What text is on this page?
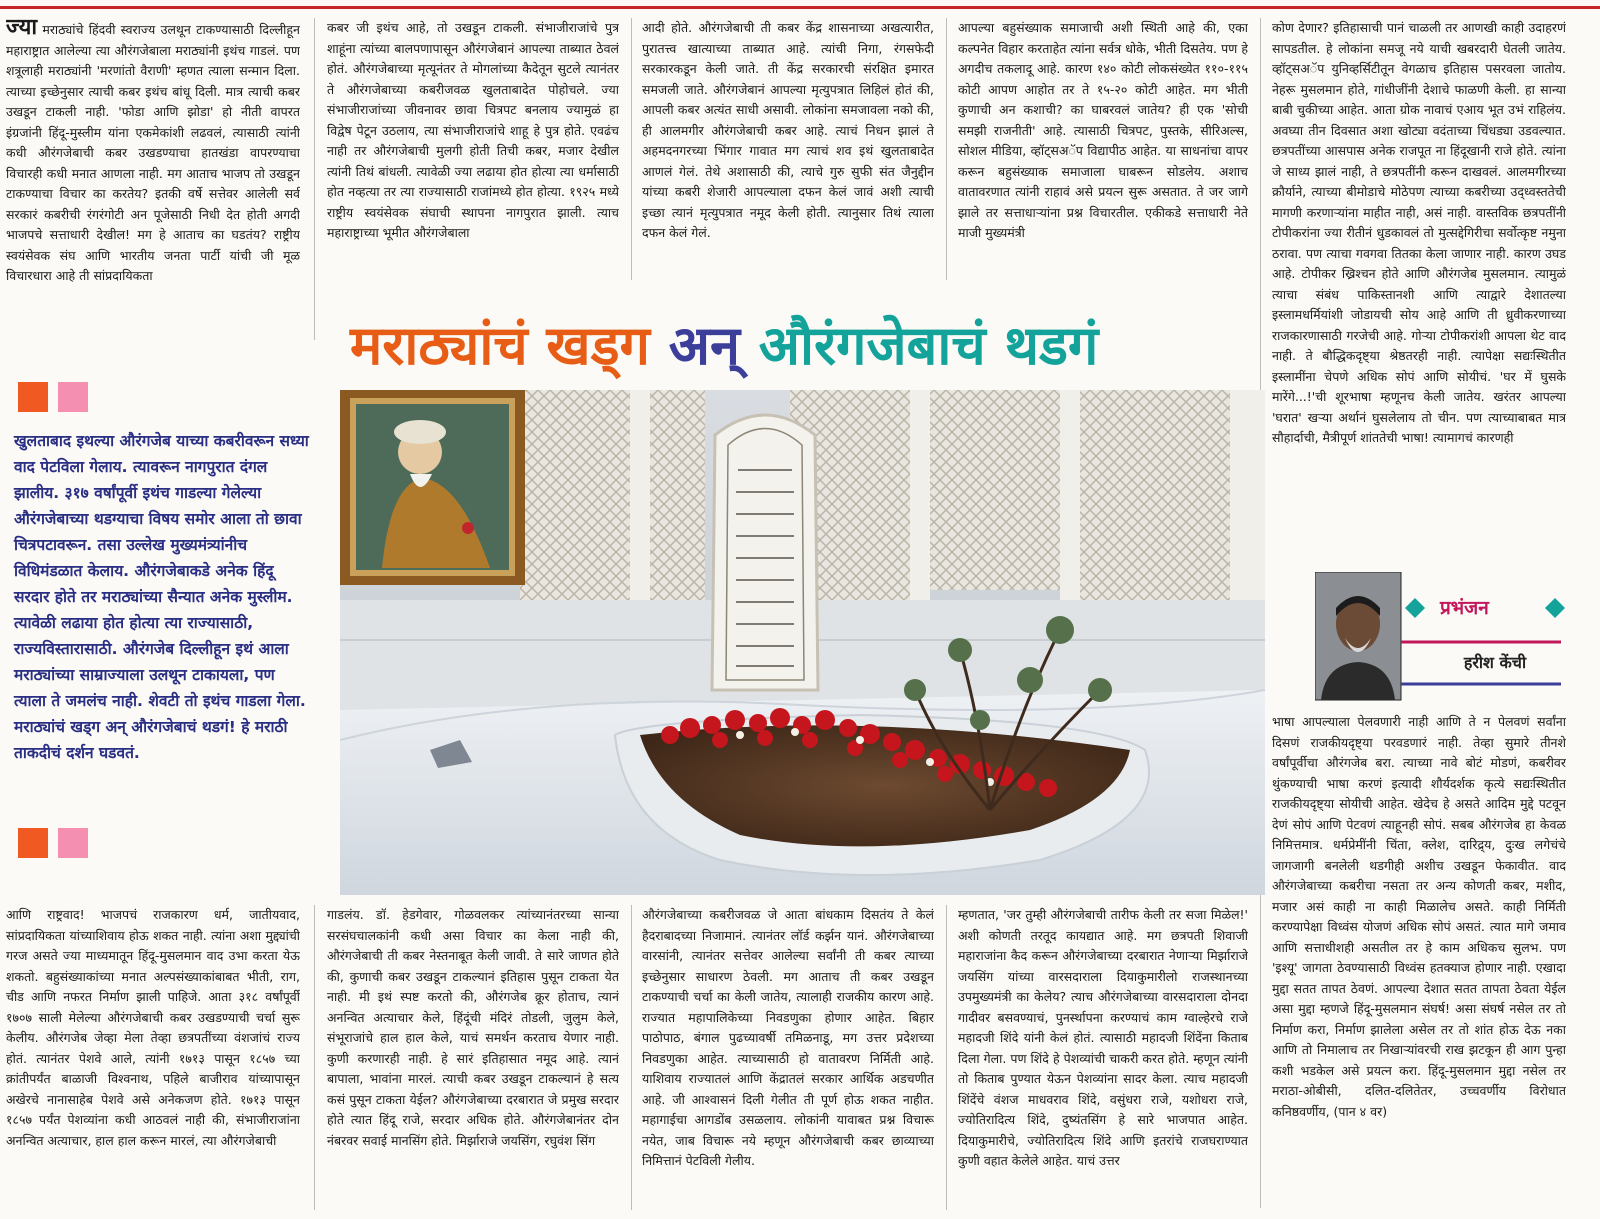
ज्या मराठ्यांचे हिंदवी स्वराज्य उलथून टाकण्यासाठी दिल्लीहून महाराष्ट्रात आलेल्या त्या औरंगजेबाला मराठ्यांनी इथंच गाडलं. पण शत्रूलाही मराठ्यांनी 'मरणांतो वैराणी' म्हणत त्याला सन्मान दिला. त्याच्या इच्छेनुसार त्याची कबर इथंच बांधू दिली. मात्र त्याची कबर उखडून टाकली नाही. 'फोडा आणि झोडा' हो नीती वापरत इंग्रजांनी हिंदू-मुस्लीम यांना एकमेकांशी लढवलं, त्यासाठी त्यांनी कधी औरंगजेबाची कबर उखडण्याचा हातखंडा वापरण्याचा विचारही कधी मनात आणला नाही. मग आताच भाजप तो उखडून टाकण्याचा विचार का करतेय? इतकी वर्षे सत्तेवर आलेली सर्व सरकारं कबरीची रंगरंगोटी अन पूजेसाठी निधी देत होती अगदी भाजपचे सत्ताधारी देखील! मग हे आताच का घडतंय? राष्ट्रीय स्वयंसेवक संघ आणि भारतीय जनता पार्टी यांची जी मूळ विचारधारा आहे ती सांप्रदायिकता

कबर जी इथंच आहे, तो उखडून टाकली. संभाजीराजांचे पुत्र शाहूंना त्यांच्या बालपणापासून औरंगजेबानं आपल्या ताब्यात ठेवलं होतं. औरंगजेबाच्या मृत्यूनंतर ते मोगलांच्या कैदेतून सुटले त्यानंतर ते औरंगजेबाच्या कबरीजवळ खुलताबादेत पोहोचले. ज्या संभाजीराजांच्या जीवनावर छावा चित्रपट बनलाय ज्यामुळं हा विद्वेष पेटून उठलाय, त्या संभाजीराजांचे शाहू हे पुत्र होते. एवढंच नाही तर औरंगजेबाची मुलगी होती तिची कबर, मजार देखील त्यांनी तिथं बांधली. त्यावेळी ज्या लढाया होत होत्या त्या धर्मासाठी होत नव्हत्या तर त्या राज्यासाठी राजांमध्ये होत होत्या. १९२५ मध्ये राष्ट्रीय स्वयंसेवक संघाची स्थापना नागपुरात झाली. त्याच महाराष्ट्राच्या भूमीत औरंगजेबाला

आदी होते. औरंगजेबाची ती कबर केंद्र शासनाच्या अखत्यारीत, पुरातत्त्व खात्याच्या ताब्यात आहे. त्यांची निगा, रंगसफेदी सरकारकडून केली जाते. ती केंद्र सरकारची संरक्षित इमारत समजली जाते. औरंगजेबानं आपल्या मृत्युपत्रात लिहिलं होतं की, आपली कबर अत्यंत साधी असावी. लोकांना समजावला नको की, ही आलमगीर औरंगजेबाची कबर आहे. त्याचं निधन झालं ते अहमदनगरच्या भिंगार गावात मग त्याचं शव इथं खुलताबादेत आणलं गेलं. तेथे अशासाठी की, त्याचे गुरु सुफी संत जैनुद्दीन यांच्या कबरी शेजारी आपल्याला दफन केलं जावं अशी त्याची इच्छा त्यानं मृत्युपत्रात नमूद केली होती. त्यानुसार तिथं त्याला दफन केलं गेलं.

आपल्या बहुसंख्याक समाजाची अशी स्थिती आहे की, एका कल्पनेत विहार करताहेत त्यांना सर्वत्र धोके, भीती दिसतेय. पण हे अगदीच तकलादू आहे. कारण १४० कोटी लोकसंख्येत ११०-११५ कोटी आपण आहोत तर ते १५-२० कोटी आहेत. मग भीती कुणाची अन कशाची? का घाबरवलं जातेय? ही एक 'सोची समझी राजनीती' आहे. त्यासाठी चित्रपट, पुस्तके, सीरिअल्स, सोशल मीडिया, व्हॉट्सअॅप विद्यापीठ आहेत. या साधनांचा वापर करून बहुसंख्याक समाजाला घाबरून सोडलेय. अशाच वातावरणात त्यांनी राहावं असे प्रयत्न सुरू असतात. ते जर जागे झाले तर सत्ताधाऱ्यांना प्रश्न विचारतील. एकीकडे सत्ताधारी नेते माजी मुख्यमंत्री

कोण देणार? इतिहासाची पानं चाळली तर आणखी काही उदाहरणं सापडतील. हे लोकांना समजू नये याची खबरदारी घेतली जातेय. व्हॉट्सअॅप युनिव्हर्सिटीतून वेगळाच इतिहास पसरवला जातोय. नेहरू मुसलमान होते, गांधीजींनी देशाचे फाळणी केली. हा सान्या बाबी चुकीच्या आहेत. आता ग्रोक नावाचं एआय भूत उभं राहिलंय. अवघ्या तीन दिवसात अशा खोट्या वदंताच्या चिंधड्या उडवल्यात. छत्रपतींच्या आसपास अनेक राजपूत ना हिंदूखानी राजे होते. त्यांना जे साध्य झालं नाही, ते छत्रपतींनी करून दाखवलं. आलमगीरच्या क्रौर्याने, त्याच्या बीमोडाचे मोठेपण त्याच्या कबरीच्या उद्ध्वस्ततेची मागणी करणाऱ्यांना माहीत नाही, असं नाही. वास्तविक छत्रपतींनी टोपीकरांना ज्या रीतीनं धुडकावलं तो मुत्सद्देगिरीचा सर्वोत्कृष्ट नमुना ठरावा. पण त्याचा गवगवा तितका केला जाणार नाही. कारण उघड आहे. टोपीकर ख्रिश्चन होते आणि औरंगजेब मुसलमान. त्यामुळं त्याचा संबंध पाकिस्तानशी आणि त्याद्वारे देशातल्या इस्लामधर्मियांशी जोडायची सोय आहे आणि ती ध्रुवीकरणाच्या राजकारणासाठी गरजेची आहे. गोऱ्या टोपीकरांशी आपला थेट वाद नाही. ते बौद्धिकदृष्ट्या श्रेष्ठतरही नाही. त्यापेक्षा सद्यःस्थितीत इस्लामींना चेपणे अधिक सोपं आणि सोयीचं. 'घर में घुसके मारेंगे...!'ची शूरभाषा म्हणूनच केली जातेय. खरंतर आपल्या 'घरात' खऱ्या अर्थानं घुसलेलाय तो चीन. पण त्याच्याबाबत मात्र सौहार्दाची, मैत्रीपूर्ण शांततेची भाषा! त्यामागचं कारणही

मराठ्यांचं खड्ग अन् औरंगजेबाचं थडगं
खुलताबाद इथल्या औरंगजेब याच्या कबरीवरून सध्या वाद पेटविला गेलाय. त्यावरून नागपुरात दंगल झालीय. ३१७ वर्षांपूर्वी इथंच गाडल्या गेलेल्या औरंगजेबाच्या थडग्याचा विषय समोर आला तो छावा चित्रपटावरून. तसा उल्लेख मुख्यमंत्र्यांनीच विधिमंडळात केलाय. औरंगजेबाकडे अनेक हिंदू सरदार होते तर मराठ्यांच्या सैन्यात अनेक मुस्लीम. त्यावेळी लढाया होत होत्या त्या राज्यासाठी, राज्यविस्तारासाठी. औरंगजेब दिल्लीहून इथं आला मराठ्यांच्या साम्राज्याला उलथून टाकायला, पण त्याला ते जमलंच नाही. शेवटी तो इथंच गाडला गेला. मराठ्यांचं खड्ग अन् औरंगजेबाचं थडगं! हे मराठी ताकदीचं दर्शन घडवतं.
प्रभंजन
हरीश केंची

भाषा आपल्याला पेलवणारी नाही आणि ते न पेलवणं सर्वांना दिसणं राजकीयदृष्ट्या परवडणारं नाही. तेव्हा सुमारे तीनशे वर्षांपूर्वीचा औरंगजेब बरा. त्याच्या नावे बोटं मोडणं, कबरीवर थुंकण्याची भाषा करणं इत्यादी शौर्यदर्शक कृत्ये सद्यःस्थितीत राजकीयदृष्ट्या सोयीची आहेत. खेदेच हे असते आदिम मुद्दे पटवून देणं सोपं आणि पेटवणं त्याहूनही सोपं. सबब औरंगजेब हा केवळ निमित्तमात्र. धर्मप्रेमींनी चिंता, क्लेश, दारिद्र्य, दुःख लगेचंचे जागजागी बनलेली थडगीही अशीच उखडून फेकावीत. वाद औरंगजेबाच्या कबरीचा नसता तर अन्य कोणती कबर, मशीद, मजार असं काही ना काही मिळालेच असते. काही निर्मिती करण्यापेक्षा विध्वंस योजणं अधिक सोपं असतं. त्यात मागे जमाव आणि सत्ताधीशही असतील तर हे काम अधिकच सुलभ. पण 'इश्यू' जागता ठेवण्यासाठी विध्वंस हतक्याज होणार नाही. एखादा मुद्दा सतत तापत ठेवणं. आपल्या देशात सतत तापता ठेवता येईल असा मुद्दा म्हणजे हिंदू-मुसलमान संघर्ष! असा संघर्ष नसेल तर तो निर्माण करा, निर्माण झालेला असेल तर तो शांत होऊ देऊ नका आणि तो निमालाच तर निखाऱ्यांवरची राख झटकून ही आग पुन्हा कशी भडकेल असे प्रयत्न करा. हिंदू-मुसलमान मुद्दा नसेल तर मराठा-ओबीसी, दलित-दलितेतर, उच्चवर्णीय विरोधात कनिष्ठवर्णीय, (पान ४ वर)

आणि राष्ट्रवाद! भाजपचं राजकारण धर्म, जातीयवाद, सांप्रदायिकता यांच्याशिवाय होऊ शकत नाही. त्यांना अशा मुद्द्यांची गरज असते ज्या माध्यमातून हिंदू-मुसलमान वाद उभा करता येऊ शकतो. बहुसंख्याकांच्या मनात अल्पसंख्याकांबाबत भीती, राग, चीड आणि नफरत निर्माण झाली पाहिजे. आता ३१८ वर्षांपूर्वी १७०७ साली मेलेल्या औरंगजेबाची कबर उखडण्याची चर्चा सुरू केलीय. औरंगजेब जेव्हा मेला तेव्हा छत्रपतींच्या वंशजांचं राज्य होतं. त्यानंतर पेशवे आले, त्यांनी १७१३ पासून १८५७ च्या क्रांतीपर्यंत बाळाजी विश्वनाथ, पहिले बाजीराव यांच्यापासून अखेरचे नानासाहेब पेशवे असे अनेकजण होते. १७१३ पासून १८५७ पर्यंत पेशव्यांना कधी आठवलं नाही की, संभाजीराजांना अनन्वित अत्याचार, हाल हाल करून मारलं, त्या औरंगजेबाची

गाडलंय. डॉ. हेडगेवार, गोळवलकर त्यांच्यानंतरच्या सान्या सरसंघचालकांनी कधी असा विचार का केला नाही की, औरंगजेबाची ती कबर नेस्तनाबूत केली जावी. ते सारे जाणत होते की, कुणाची कबर उखडून टाकल्यानं इतिहास पुसून टाकता येत नाही. मी इथं स्पष्ट करतो की, औरंगजेब क्रूर होताच, त्यानं अनन्वित अत्याचार केले, हिंदूंची मंदिरं तोडली, जुलुम केले, संभूराजांचे हाल हाल केले, याचं समर्थन करताच येणार नाही. कुणी करणारही नाही. हे सारं इतिहासात नमूद आहे. त्यानं बापाला, भावांना मारलं. त्याची कबर उखडून टाकल्यानं हे सत्य कसं पुसून टाकता येईल? औरंगजेबाच्या दरबारात जे प्रमुख सरदार होते त्यात हिंदू राजे, सरदार अधिक होते. औरंगजेबानंतर दोन नंबरवर सवाई मानसिंग होते. मिर्झाराजे जयसिंग, रघुवंश सिंग

औरंगजेबाच्या कबरीजवळ जे आता बांधकाम दिसतंय ते केलं हैदराबादच्या निजामानं. त्यानंतर लॉर्ड कर्झन यानं. औरंगजेबाच्या वारसांनी, त्यानंतर सत्तेवर आलेल्या सर्वांनी ती कबर त्याच्या इच्छेनुसार साधारण ठेवली. मग आताच ती कबर उखडून टाकण्याची चर्चा का केली जातेय, त्यालाही राजकीय कारण आहे. राज्यात महापालिकेच्या निवडणुका होणार आहेत. बिहार पाठोपाठ, बंगाल पुढच्यावर्षी तमिळनाडू, मग उत्तर प्रदेशच्या निवडणुका आहेत. त्याच्यासाठी हो वातावरण निर्मिती आहे. याशिवाय राज्यातलं आणि केंद्रातलं सरकार आर्थिक अडचणीत आहे. जी आश्वासनं दिली गेलीत ती पूर्ण होऊ शकत नाहीत. महागाईचा आगडोंब उसळलाय. लोकांनी यावाबत प्रश्न विचारू नयेत, जाब विचारू नये म्हणून औरंगजेबाची कबर छाव्याच्या निमित्तानं पेटविली गेलीय.

म्हणतात, 'जर तुम्ही औरंगजेबाची तारीफ केली तर सजा मिळेल!' अशी कोणती तरतूद कायद्यात आहे. मग छत्रपती शिवाजी महाराजांना कैद करून औरंगजेबाच्या दरबारात नेणाऱ्या मिर्झाराजे जयसिंग यांच्या वारसदाराला दियाकुमारीलो राजस्थानच्या उपमुख्यमंत्री का केलेय? त्याच औरंगजेबाच्या वारसदाराला दोनदा गादीवर बसवण्याचं, पुनर्स्थापना करण्याचं काम ग्वाल्हेरचे राजे महादजी शिंदे यांनी केलं होतं. त्यासाठी महादजी शिंदेंना किताब दिला गेला. पण शिंदे हे पेशव्यांची चाकरी करत होते. म्हणून त्यांनी तो किताब पुण्यात येऊन पेशव्यांना सादर केला. त्याच महादजी शिंदेंचे वंशज माधवराव शिंदे, वसुंधरा राजे, यशोधरा राजे, ज्योतिरादित्य शिंदे, दुष्यंतसिंग हे सारे भाजपात आहेत. दियाकुमारीचे, ज्योतिरादित्य शिंदे आणि इतरांचे राजघराण्यात कुणी वहात केलेले आहेत. याचं उत्तर
